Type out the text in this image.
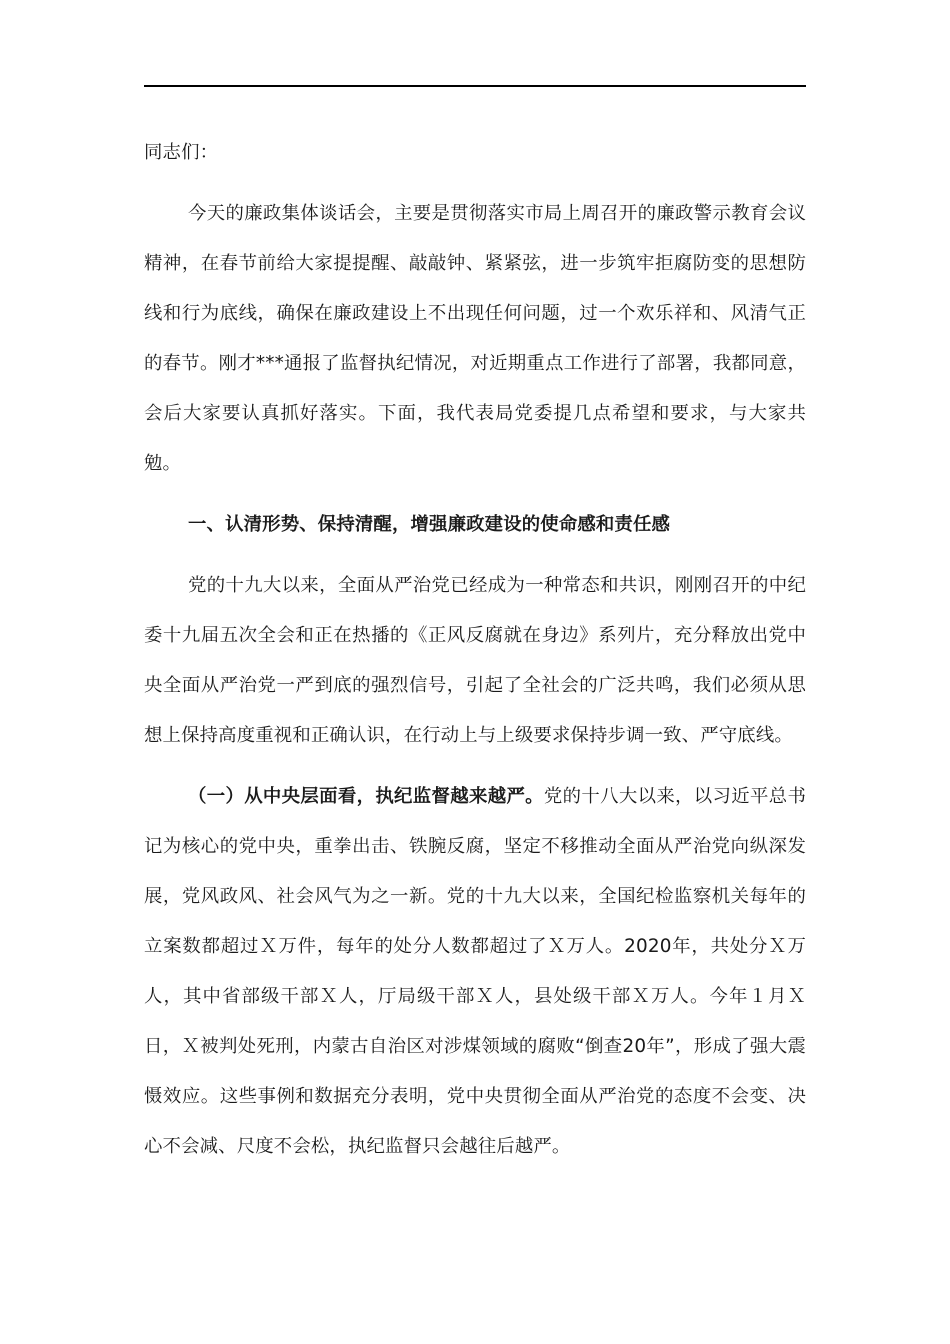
同志们：

今天的廉政集体谈话会，主要是贯彻落实市局上周召开的廉政警示教育会议精神，在春节前给大家提提醒、敲敲钟、紧紧弦，进一步筑牢拒腐防变的思想防线和行为底线，确保在廉政建设上不出现任何问题，过一个欢乐祥和、风清气正的春节。刚才***通报了监督执纪情况，对近期重点工作进行了部署，我都同意，会后大家要认真抓好落实。下面，我代表局党委提几点希望和要求，与大家共勉。

一、认清形势、保持清醒，增强廉政建设的使命感和责任感

党的十九大以来，全面从严治党已经成为一种常态和共识，刚刚召开的中纪委十九届五次全会和正在热播的《正风反腐就在身边》系列片，充分释放出党中央全面从严治党一严到底的强烈信号，引起了全社会的广泛共鸣，我们必须从思想上保持高度重视和正确认识，在行动上与上级要求保持步调一致、严守底线。

（一）从中央层面看，执纪监督越来越严。党的十八大以来，以习近平总书记为核心的党中央，重拳出击、铁腕反腐，坚定不移推动全面从严治党向纵深发展，党风政风、社会风气为之一新。党的十九大以来，全国纪检监察机关每年的立案数都超过Ｘ万件，每年的处分人数都超过了Ｘ万人。2020年，共处分Ｘ万人，其中省部级干部Ｘ人，厅局级干部Ｘ人，县处级干部Ｘ万人。今年１月Ｘ日，Ｘ被判处死刑，内蒙古自治区对涉煤领域的腐败“倒查20年”，形成了强大震慑效应。这些事例和数据充分表明，党中央贯彻全面从严治党的态度不会变、决心不会减、尺度不会松，执纪监督只会越往后越严。
